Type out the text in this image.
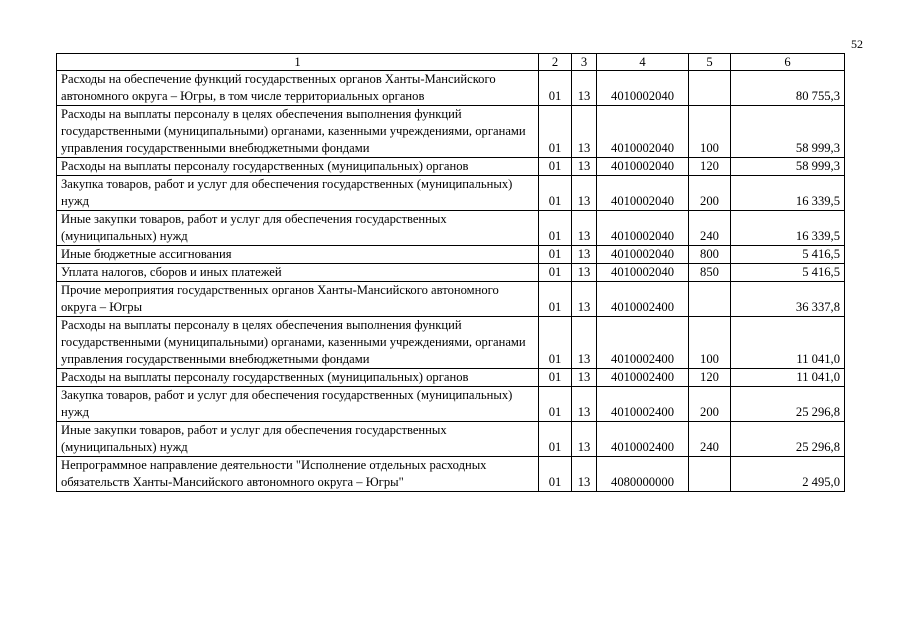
52
1	2	3	4	5	6
Расходы на обеспечение функций государственных органов Ханты-Мансийского автономного округа – Югры, в том числе территориальных органов	01	13	4010002040		80 755,3
Расходы на выплаты персоналу в целях обеспечения выполнения функций государственными (муниципальными) органами, казенными учреждениями, органами управления государственными внебюджетными фондами	01	13	4010002040	100	58 999,3
Расходы на выплаты персоналу государственных (муниципальных) органов	01	13	4010002040	120	58 999,3
Закупка товаров, работ и услуг для обеспечения государственных (муниципальных) нужд	01	13	4010002040	200	16 339,5
Иные закупки товаров, работ и услуг для обеспечения государственных (муниципальных) нужд	01	13	4010002040	240	16 339,5
Иные бюджетные ассигнования	01	13	4010002040	800	5 416,5
Уплата налогов, сборов и иных платежей	01	13	4010002040	850	5 416,5
Прочие мероприятия государственных органов Ханты-Мансийского автономного округа – Югры	01	13	4010002400		36 337,8
Расходы на выплаты персоналу в целях обеспечения выполнения функций государственными (муниципальными) органами, казенными учреждениями, органами управления государственными внебюджетными фондами	01	13	4010002400	100	11 041,0
Расходы на выплаты персоналу государственных (муниципальных) органов	01	13	4010002400	120	11 041,0
Закупка товаров, работ и услуг для обеспечения государственных (муниципальных) нужд	01	13	4010002400	200	25 296,8
Иные закупки товаров, работ и услуг для обеспечения государственных (муниципальных) нужд	01	13	4010002400	240	25 296,8
Непрограммное направление деятельности "Исполнение отдельных расходных обязательств Ханты-Мансийского автономного округа – Югры"	01	13	4080000000		2 495,0
